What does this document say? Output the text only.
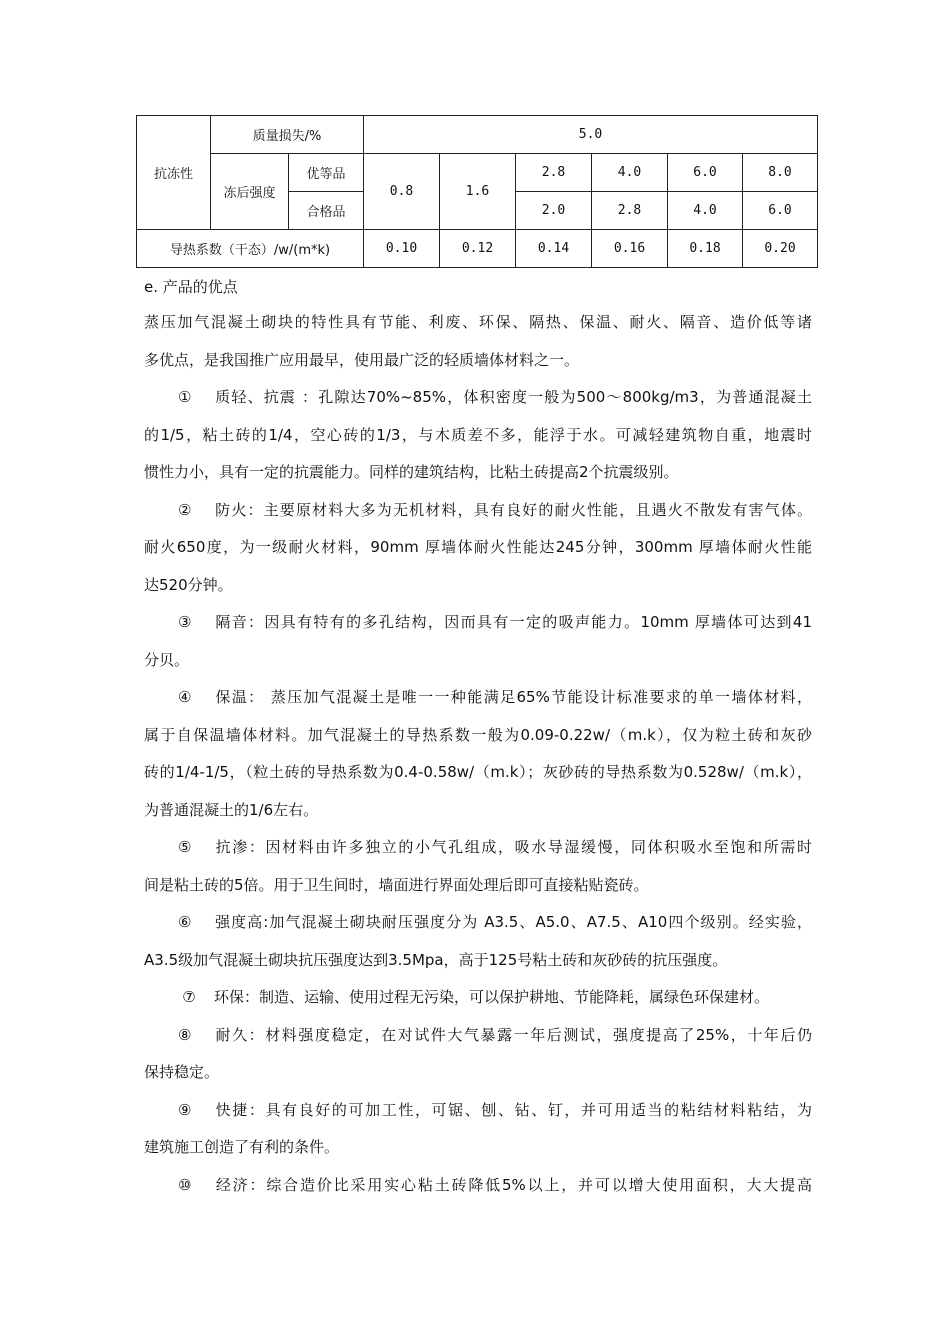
抗冻性	质量损失/%		5.0					
	冻后强度	优等品	0.8	1.6	2.8	4.0	6.0	8.0
		合格品			2.0	2.8	4.0	6.0
导热系数（干态）/w/(m*k)			0.10	0.12	0.14	0.16	0.18	0.20
e. 产品的优点
蒸压加气混凝土砌块的特性具有节能、利废、环保、隔热、保温、耐火、隔音、造价低等诸
多优点，是我国推广应用最早，使用最广泛的轻质墙体材料之一。
① 质轻、抗震 ：孔隙达70%~85%，体积密度一般为500～800kg/m3，为普通混凝土
的1/5，粘土砖的1/4，空心砖的1/3，与木质差不多，能浮于水。可减轻建筑物自重，地震时
惯性力小，具有一定的抗震能力。同样的建筑结构，比粘土砖提高2个抗震级别。
② 防火：主要原材料大多为无机材料，具有良好的耐火性能，且遇火不散发有害气体。
耐火650度，为一级耐火材料，90mm 厚墙体耐火性能达245分钟，300mm 厚墙体耐火性能
达520分钟。
③ 隔音：因具有特有的多孔结构，因而具有一定的吸声能力。10mm 厚墙体可达到41
分贝。
④ 保温： 蒸压加气混凝土是唯一一种能满足65%节能设计标准要求的单一墙体材料，
属于自保温墙体材料。加气混凝土的导热系数一般为0.09-0.22w/（m.k），仅为粒土砖和灰砂
砖的1/4-1/5，（粒土砖的导热系数为0.4-0.58w/（m.k）；灰砂砖的导热系数为0.528w/（m.k），
为普通混凝土的1/6左右。
⑤ 抗渗：因材料由许多独立的小气孔组成，吸水导湿缓慢，同体积吸水至饱和所需时
间是粘土砖的5倍。用于卫生间时，墙面进行界面处理后即可直接粘贴瓷砖。
⑥ 强度高:加气混凝土砌块耐压强度分为 A3.5、A5.0、A7.5、A10四个级别。经实验，
A3.5级加气混凝土砌块抗压强度达到3.5Mpa，高于125号粘土砖和灰砂砖的抗压强度。
⑦ 环保：制造、运输、使用过程无污染，可以保护耕地、节能降耗，属绿色环保建材。
⑧ 耐久：材料强度稳定，在对试件大气暴露一年后测试，强度提高了25%，十年后仍
保持稳定。
⑨ 快捷：具有良好的可加工性，可锯、刨、钻、钉，并可用适当的粘结材料粘结，为
建筑施工创造了有利的条件。
⑩ 经济：综合造价比采用实心粘土砖降低5%以上，并可以增大使用面积，大大提高
